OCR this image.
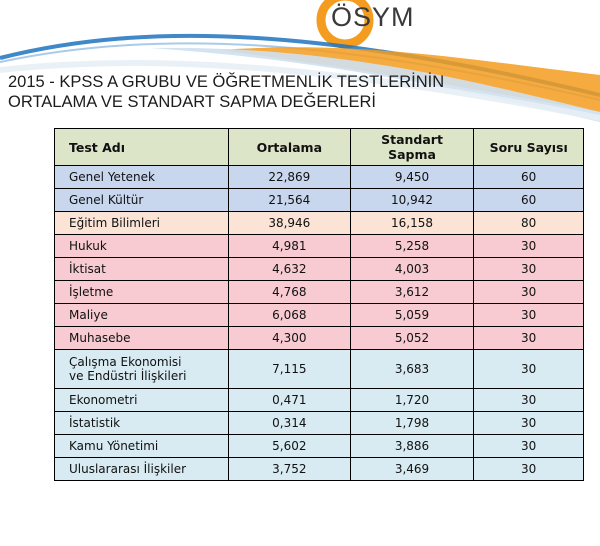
ÖSYM
2015 - KPSS A GRUBU VE ÖĞRETMENLİK TESTLERİNİN
ORTALAMA VE STANDART SAPMA DEĞERLERİ
Test Adı	Ortalama	Standart Sapma	Soru Sayısı
Genel Yetenek	22,869	9,450	60
Genel Kültür	21,564	10,942	60
Eğitim Bilimleri	38,946	16,158	80
Hukuk	4,981	5,258	30
İktisat	4,632	4,003	30
İşletme	4,768	3,612	30
Maliye	6,068	5,059	30
Muhasebe	4,300	5,052	30

Çalışma Ekonomisi
ve Endüstri İlişkileri	7,115	3,683	30
Ekonometri	0,471	1,720	30
İstatistik	0,314	1,798	30
Kamu Yönetimi	5,602	3,886	30
Uluslararası İlişkiler	3,752	3,469	30
